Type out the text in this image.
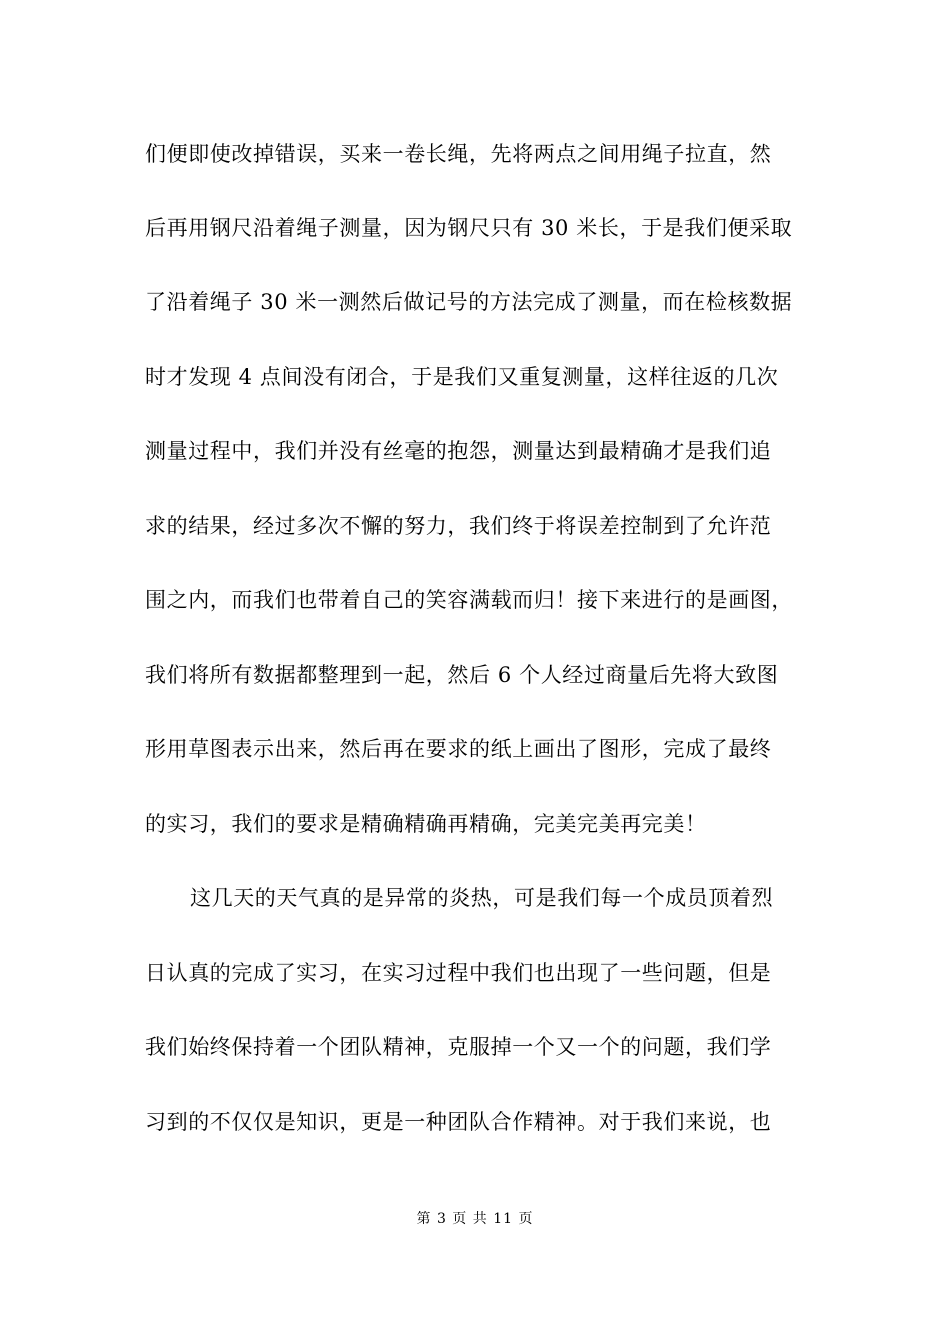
们便即使改掉错误，买来一卷长绳，先将两点之间用绳子拉直，然
后再用钢尺沿着绳子测量，因为钢尺只有 30 米长，于是我们便采取
了沿着绳子 30 米一测然后做记号的方法完成了测量，而在检核数据
时才发现 4 点间没有闭合，于是我们又重复测量，这样往返的几次
测量过程中，我们并没有丝毫的抱怨，测量达到最精确才是我们追
求的结果，经过多次不懈的努力，我们终于将误差控制到了允许范
围之内，而我们也带着自己的笑容满载而归！接下来进行的是画图，
我们将所有数据都整理到一起，然后 6 个人经过商量后先将大致图
形用草图表示出来，然后再在要求的纸上画出了图形，完成了最终
的实习，我们的要求是精确精确再精确，完美完美再完美！
这几天的天气真的是异常的炎热，可是我们每一个成员顶着烈
日认真的完成了实习，在实习过程中我们也出现了一些问题，但是
我们始终保持着一个团队精神，克服掉一个又一个的问题，我们学
习到的不仅仅是知识，更是一种团队合作精神。对于我们来说，也
第 3 页 共 11 页
